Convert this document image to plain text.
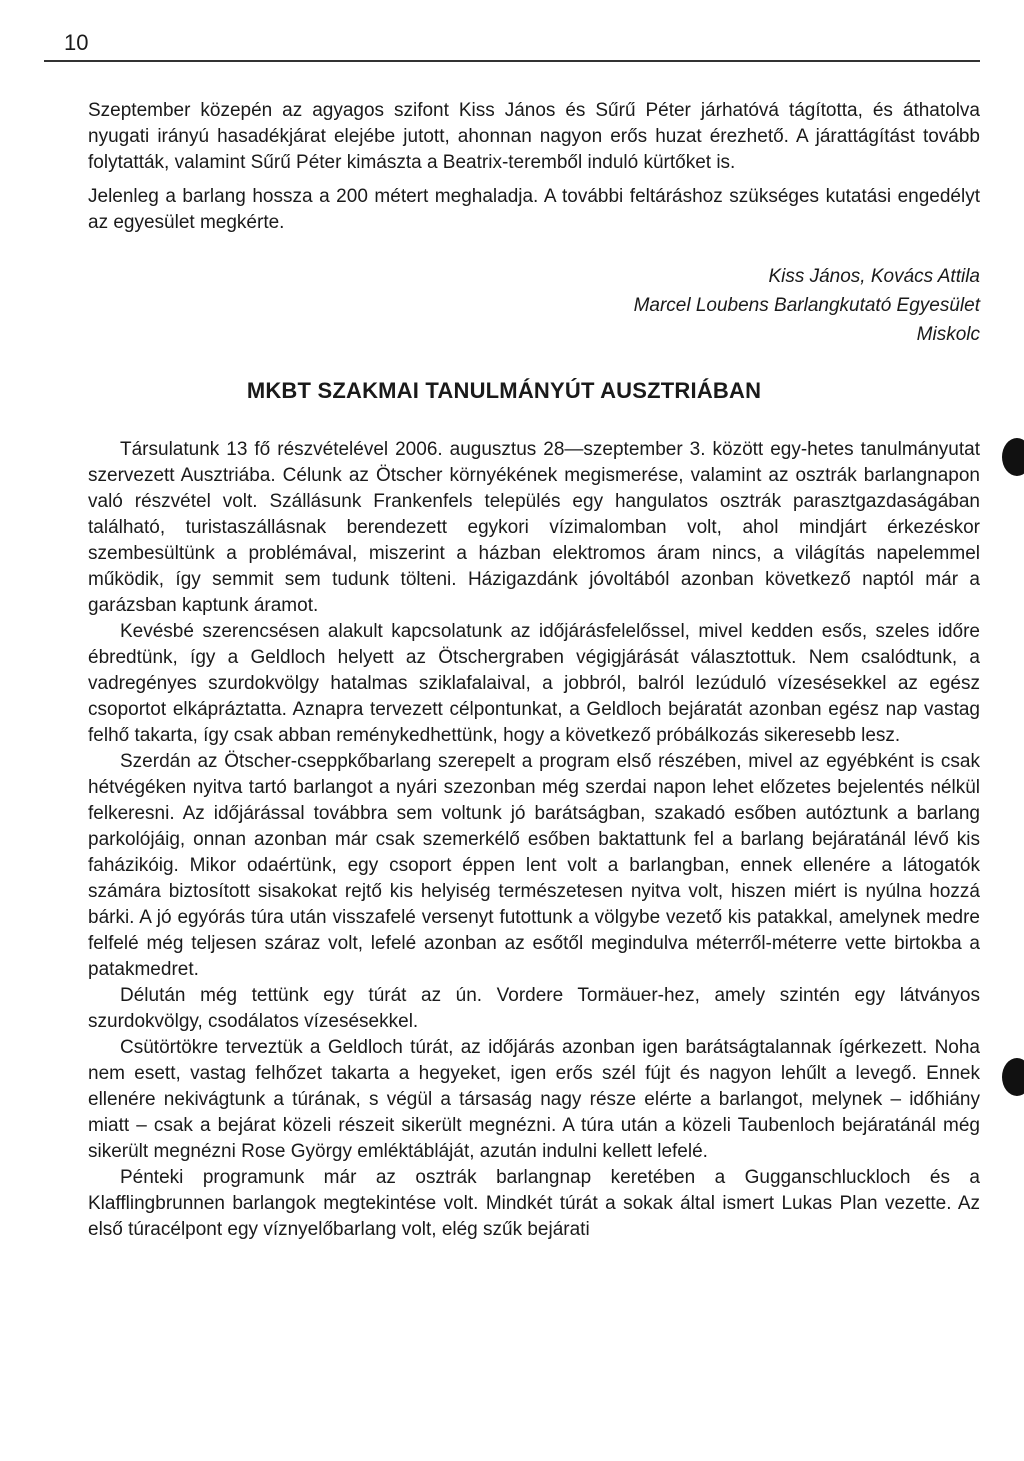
10

Szeptember közepén az agyagos szifont Kiss János és Sűrű Péter járhatóvá tágította, és áthatolva nyugati irányú hasadékjárat elejébe jutott, ahonnan nagyon erős huzat érezhető. A járattágítást tovább folytatták, valamint Sűrű Péter kimászta a Beatrix-teremből induló kürtőket is.

Jelenleg a barlang hossza a 200 métert meghaladja. A további feltáráshoz szükséges kutatási engedélyt az egyesület megkérte.

Kiss János, Kovács Attila
Marcel Loubens Barlangkutató Egyesület
Miskolc
MKBT SZAKMAI TANULMÁNYÚT AUSZTRIÁBAN

Társulatunk 13 fő részvételével 2006. augusztus 28—szeptember 3. között egy-hetes tanulmányutat szervezett Ausztriába. Célunk az Ötscher környékének megismerése, valamint az osztrák barlangnapon való részvétel volt. Szállásunk Frankenfels település egy hangulatos osztrák parasztgazdaságában található, turistaszállásnak berendezett egykori vízimalomban volt, ahol mindjárt érkezéskor szembesültünk a problémával, miszerint a házban elektromos áram nincs, a világítás napelemmel működik, így semmit sem tudunk tölteni. Házigazdánk jóvoltából azonban következő naptól már a garázsban kaptunk áramot.

Kevésbé szerencsésen alakult kapcsolatunk az időjárásfelelőssel, mivel kedden esős, szeles időre ébredtünk, így a Geldloch helyett az Ötschergraben végigjárását választottuk. Nem csalódtunk, a vadregényes szurdokvölgy hatalmas sziklafalaival, a jobbról, balról lezúduló vízesésekkel az egész csoportot elkápráztatta. Aznapra tervezett célpontunkat, a Geldloch bejáratát azonban egész nap vastag felhő takarta, így csak abban reménykedhettünk, hogy a következő próbálkozás sikeresebb lesz.

Szerdán az Ötscher-cseppkőbarlang szerepelt a program első részében, mivel az egyébként is csak hétvégéken nyitva tartó barlangot a nyári szezonban még szerdai napon lehet előzetes bejelentés nélkül felkeresni. Az időjárással továbbra sem voltunk jó barátságban, szakadó esőben autóztunk a barlang parkolójáig, onnan azonban már csak szemerkélő esőben baktattunk fel a barlang bejáratánál lévő kis faházikóig. Mikor odaértünk, egy csoport éppen lent volt a barlangban, ennek ellenére a látogatók számára biztosított sisakokat rejtő kis helyiség természetesen nyitva volt, hiszen miért is nyúlna hozzá bárki. A jó egyórás túra után visszafelé versenyt futottunk a völgybe vezető kis patakkal, amelynek medre felfelé még teljesen száraz volt, lefelé azonban az esőtől megindulva méterről-méterre vette birtokba a patakmedret.

Délután még tettünk egy túrát az ún. Vordere Tormäuer-hez, amely szintén egy látványos szurdokvölgy, csodálatos vízesésekkel.

Csütörtökre terveztük a Geldloch túrát, az időjárás azonban igen barátságtalannak ígérkezett. Noha nem esett, vastag felhőzet takarta a hegyeket, igen erős szél fújt és nagyon lehűlt a levegő. Ennek ellenére nekivágtunk a túrának, s végül a társaság nagy része elérte a barlangot, melynek – időhiány miatt – csak a bejárat közeli részeit sikerült megnézni. A túra után a közeli Taubenloch bejáratánál még sikerült megnézni Rose György emléktábláját, azután indulni kellett lefelé.

Pénteki programunk már az osztrák barlangnap keretében a Gugganschluckloch és a Klafflingbrunnen barlangok megtekintése volt. Mindkét túrát a sokak által ismert Lukas Plan vezette. Az első túracélpont egy víznyelőbarlang volt, elég szűk bejárati
